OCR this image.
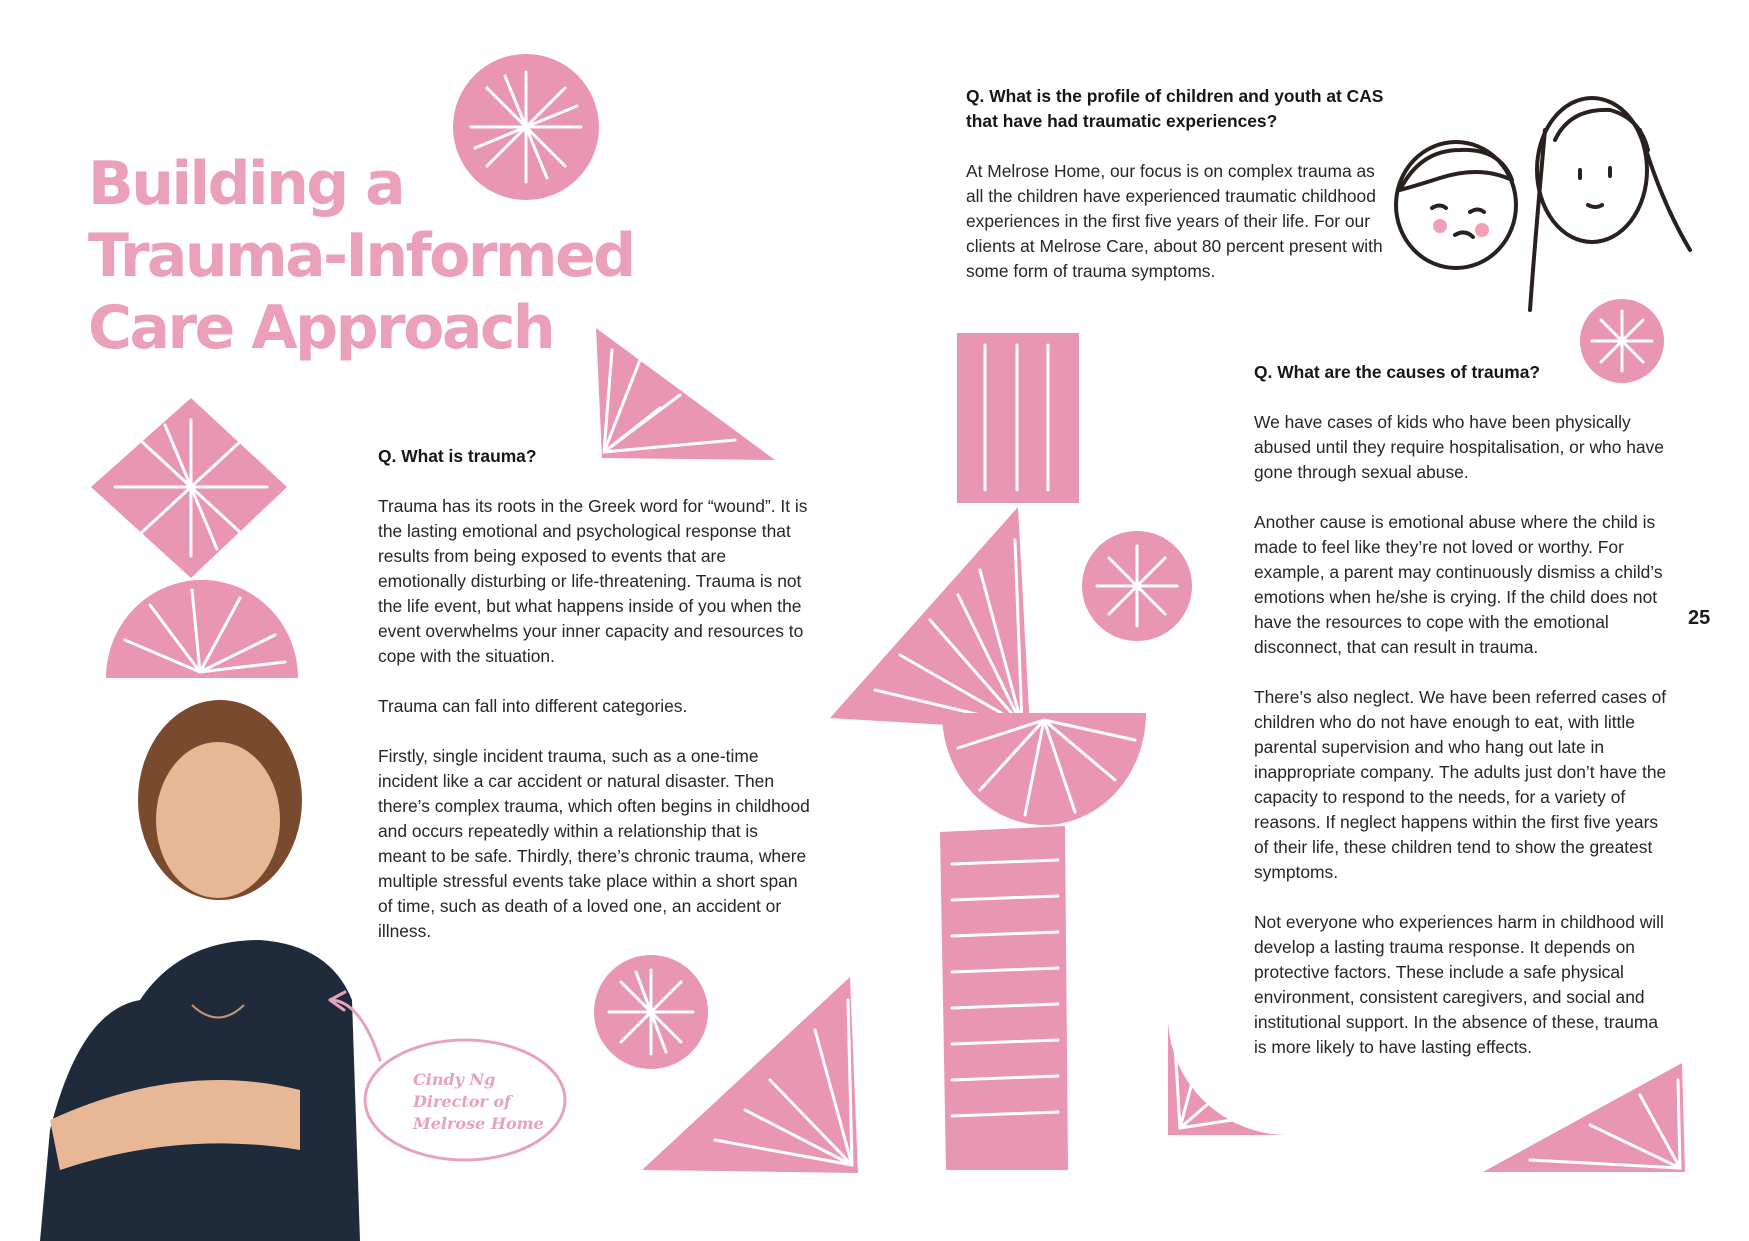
Building a
Trauma-Informed
Care Approach

Q. What is trauma?

Trauma has its roots in the Greek word for “wound”. It is the lasting emotional and psychological response that results from being exposed to events that are emotionally disturbing or life-threatening. Trauma is not the life event, but what happens inside of you when the event overwhelms your inner capacity and resources to cope with the situation.

Trauma can fall into different categories.

Firstly, single incident trauma, such as a one-time incident like a car accident or natural disaster. Then there’s complex trauma, which often begins in childhood and occurs repeatedly within a relationship that is meant to be safe. Thirdly, there’s chronic trauma, where multiple stressful events take place within a short span of time, such as death of a loved one, an accident or illness.

Q. What is the profile of children and youth at CAS that have had traumatic experiences?

At Melrose Home, our focus is on complex trauma as all the children have experienced traumatic childhood experiences in the first five years of their life. For our clients at Melrose Care, about 80 percent present with some form of trauma symptoms.

Q. What are the causes of trauma?

We have cases of kids who have been physically abused until they require hospitalisation, or who have gone through sexual abuse.

Another cause is emotional abuse where the child is made to feel like they’re not loved or worthy. For example, a parent may continuously dismiss a child’s emotions when he/she is crying. If the child does not have the resources to cope with the emotional disconnect, that can result in trauma.

There’s also neglect. We have been referred cases of children who do not have enough to eat, with little parental supervision and who hang out late in inappropriate company. The adults just don’t have the capacity to respond to the needs, for a variety of reasons. If neglect happens within the first five years of their life, these children tend to show the greatest symptoms.

Not everyone who experiences harm in childhood will develop a lasting trauma response. It depends on protective factors. These include a safe physical environment, consistent caregivers, and social and institutional support. In the absence of these, trauma is more likely to have lasting effects.

25
Cindy Ng
Director of
Melrose Home
